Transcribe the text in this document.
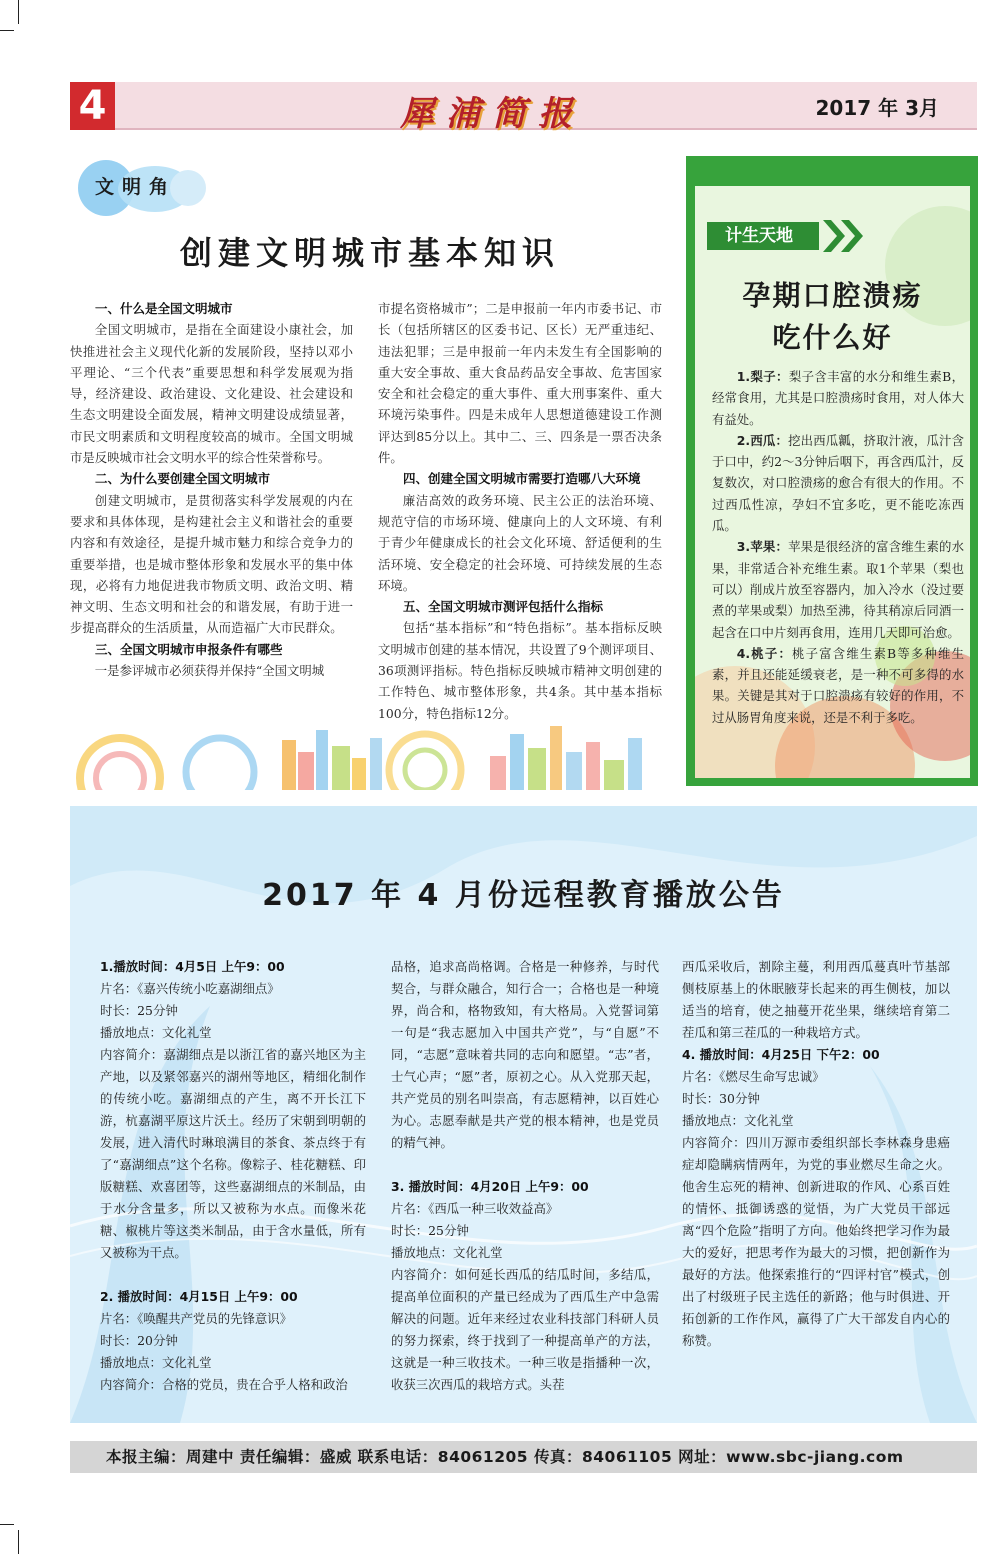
4	犀浦简报	2017 年 3月
文明角
创建文明城市基本知识
一、什么是全国文明城市

全国文明城市，是指在全面建设小康社会，加快推进社会主义现代化新的发展阶段，坚持以邓小平理论、“三个代表”重要思想和科学发展观为指导，经济建设、政治建设、文化建设、社会建设和生态文明建设全面发展，精神文明建设成绩显著，市民文明素质和文明程度较高的城市。全国文明城市是反映城市社会文明水平的综合性荣誉称号。

二、为什么要创建全国文明城市

创建文明城市，是贯彻落实科学发展观的内在要求和具体体现，是构建社会主义和谐社会的重要内容和有效途径，是提升城市魅力和综合竞争力的重要举措，也是城市整体形象和发展水平的集中体现，必将有力地促进我市物质文明、政治文明、精神文明、生态文明和社会的和谐发展，有助于进一步提高群众的生活质量，从而造福广大市民群众。

三、全国文明城市申报条件有哪些

一是参评城市必须获得并保持“全国文明城

市提名资格城市”；二是申报前一年内市委书记、市长（包括所辖区的区委书记、区长）无严重违纪、违法犯罪；三是申报前一年内未发生有全国影响的重大安全事故、重大食品药品安全事故、危害国家安全和社会稳定的重大事件、重大刑事案件、重大环境污染事件。四是未成年人思想道德建设工作测评达到85分以上。其中二、三、四条是一票否决条件。

四、创建全国文明城市需要打造哪八大环境

廉洁高效的政务环境、民主公正的法治环境、规范守信的市场环境、健康向上的人文环境、有利于青少年健康成长的社会文化环境、舒适便利的生活环境、安全稳定的社会环境、可持续发展的生态环境。

五、全国文明城市测评包括什么指标

包括“基本指标”和“特色指标”。基本指标反映文明城市创建的基本情况，共设置了9个测评项目、36项测评指标。特色指标反映城市精神文明创建的工作特色、城市整体形象，共4条。其中基本指标100分，特色指标12分。

计生天地
孕期口腔溃疡
吃什么好

1.梨子：梨子含丰富的水分和维生素B，经常食用，尤其是口腔溃疡时食用，对人体大有益处。

2.西瓜：挖出西瓜瓤，挤取汁液，瓜汁含于口中，约2～3分钟后咽下，再含西瓜汁，反复数次，对口腔溃疡的愈合有很大的作用。不过西瓜性凉，孕妇不宜多吃，更不能吃冻西瓜。

3.苹果：苹果是很经济的富含维生素的水果，非常适合补充维生素。取1个苹果（梨也可以）削成片放至容器内，加入冷水（没过要煮的苹果或梨）加热至沸，待其稍凉后同酒一起含在口中片刻再食用，连用几天即可治愈。

4.桃子：桃子富含维生素B等多种维生素，并且还能延缓衰老，是一种不可多得的水果。关键是其对于口腔溃疡有较好的作用，不过从肠胃角度来说，还是不利于多吃。

2017 年 4 月份远程教育播放公告
1.播放时间：4月5日 上午9：00
片名：《嘉兴传统小吃嘉湖细点》
时长：25分钟
播放地点：文化礼堂
内容简介：嘉湖细点是以浙江省的嘉兴地区为主产地，以及紧邻嘉兴的湖州等地区，精细化制作的传统小吃。嘉湖细点的产生，离不开长江下游，杭嘉湖平原这片沃土。经历了宋朝到明朝的发展，进入清代时琳琅满目的茶食、茶点终于有了“嘉湖细点”这个名称。像粽子、桂花糖糕、印版糖糕、欢喜团等，这些嘉湖细点的米制品，由于水分含量多，所以又被称为水点。而像米花糖、椒桃片等这类米制品，由于含水量低，所有又被称为干点。
2. 播放时间：4月15日 上午9：00
片名：《唤醒共产党员的先锋意识》
时长：20分钟
播放地点：文化礼堂
内容简介：合格的党员，贵在合乎人格和政治
品格，追求高尚格调。合格是一种修养，与时代契合，与群众融合，知行合一；合格也是一种境界，尚合和，格物致知，有大格局。入党誓词第一句是“我志愿加入中国共产党”，与“自愿”不同，“志愿”意味着共同的志向和愿望。“志”者，士气心声；“愿”者，原初之心。从入党那天起，共产党员的别名叫崇高，有志愿精神，以百姓心为心。志愿奉献是共产党的根本精神，也是党员的精气神。
3. 播放时间：4月20日 上午9：00
片名：《西瓜一种三收效益高》
时长：25分钟
播放地点：文化礼堂
内容简介：如何延长西瓜的结瓜时间，多结瓜，提高单位面积的产量已经成为了西瓜生产中急需解决的问题。近年来经过农业科技部门科研人员的努力探索，终于找到了一种提高单产的方法，这就是一种三收技术。一种三收是指播种一次，收获三次西瓜的栽培方式。头茬
西瓜采收后，割除主蔓，利用西瓜蔓真叶节基部侧枝原基上的休眠腋芽长起来的再生侧枝，加以适当的培育，使之抽蔓开花坐果，继续培育第二茬瓜和第三茬瓜的一种栽培方式。
4. 播放时间：4月25日 下午2：00
片名：《燃尽生命写忠诚》
时长：30分钟
播放地点：文化礼堂
内容简介：四川万源市委组织部长李林森身患癌症却隐瞒病情两年，为党的事业燃尽生命之火。他舍生忘死的精神、创新进取的作风、心系百姓的情怀、抵御诱惑的觉悟，为广大党员干部远离“四个危险”指明了方向。他始终把学习作为最大的爱好，把思考作为最大的习惯，把创新作为最好的方法。他探索推行的“四评村官”模式，创出了村级班子民主选任的新路；他与时俱进、开拓创新的工作作风，赢得了广大干部发自内心的称赞。
本报主编：周建中 责任编辑：盛威 联系电话：84061205 传真：84061105 网址：www.sbc-jiang.com
